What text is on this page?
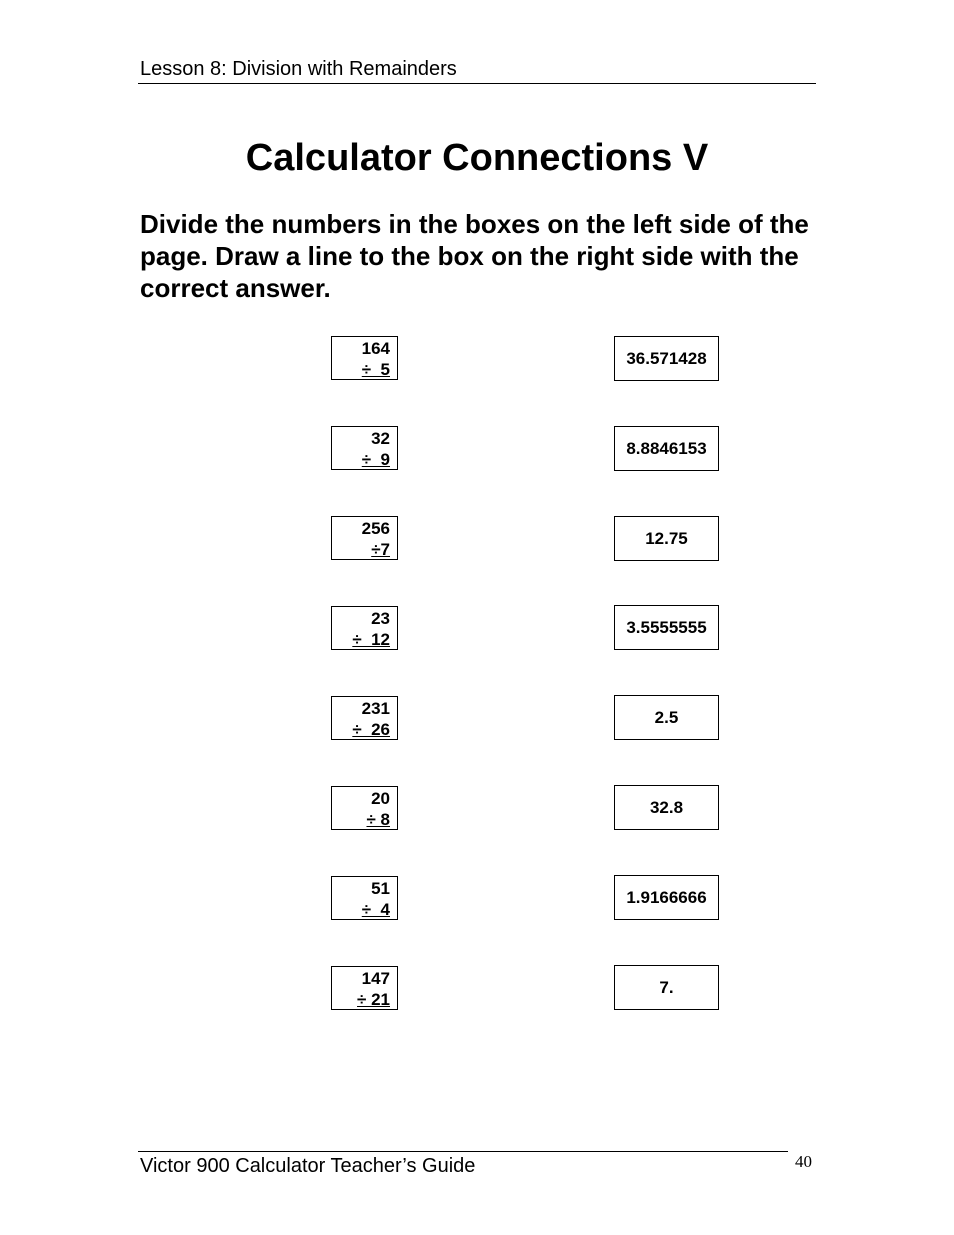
Lesson 8: Division with Remainders
Calculator Connections V
Divide the numbers in the boxes on the left side of the page. Draw a line to the box on the right side with the correct answer.
164
÷  5
32
÷  9
256
÷7
23
÷  12
231
÷  26
20
÷ 8
51
÷  4
147
÷ 21
36.571428
8.8846153
12.75
3.5555555
2.5
32.8
1.9166666
7.
Victor 900 Calculator Teacher’s Guide	40
